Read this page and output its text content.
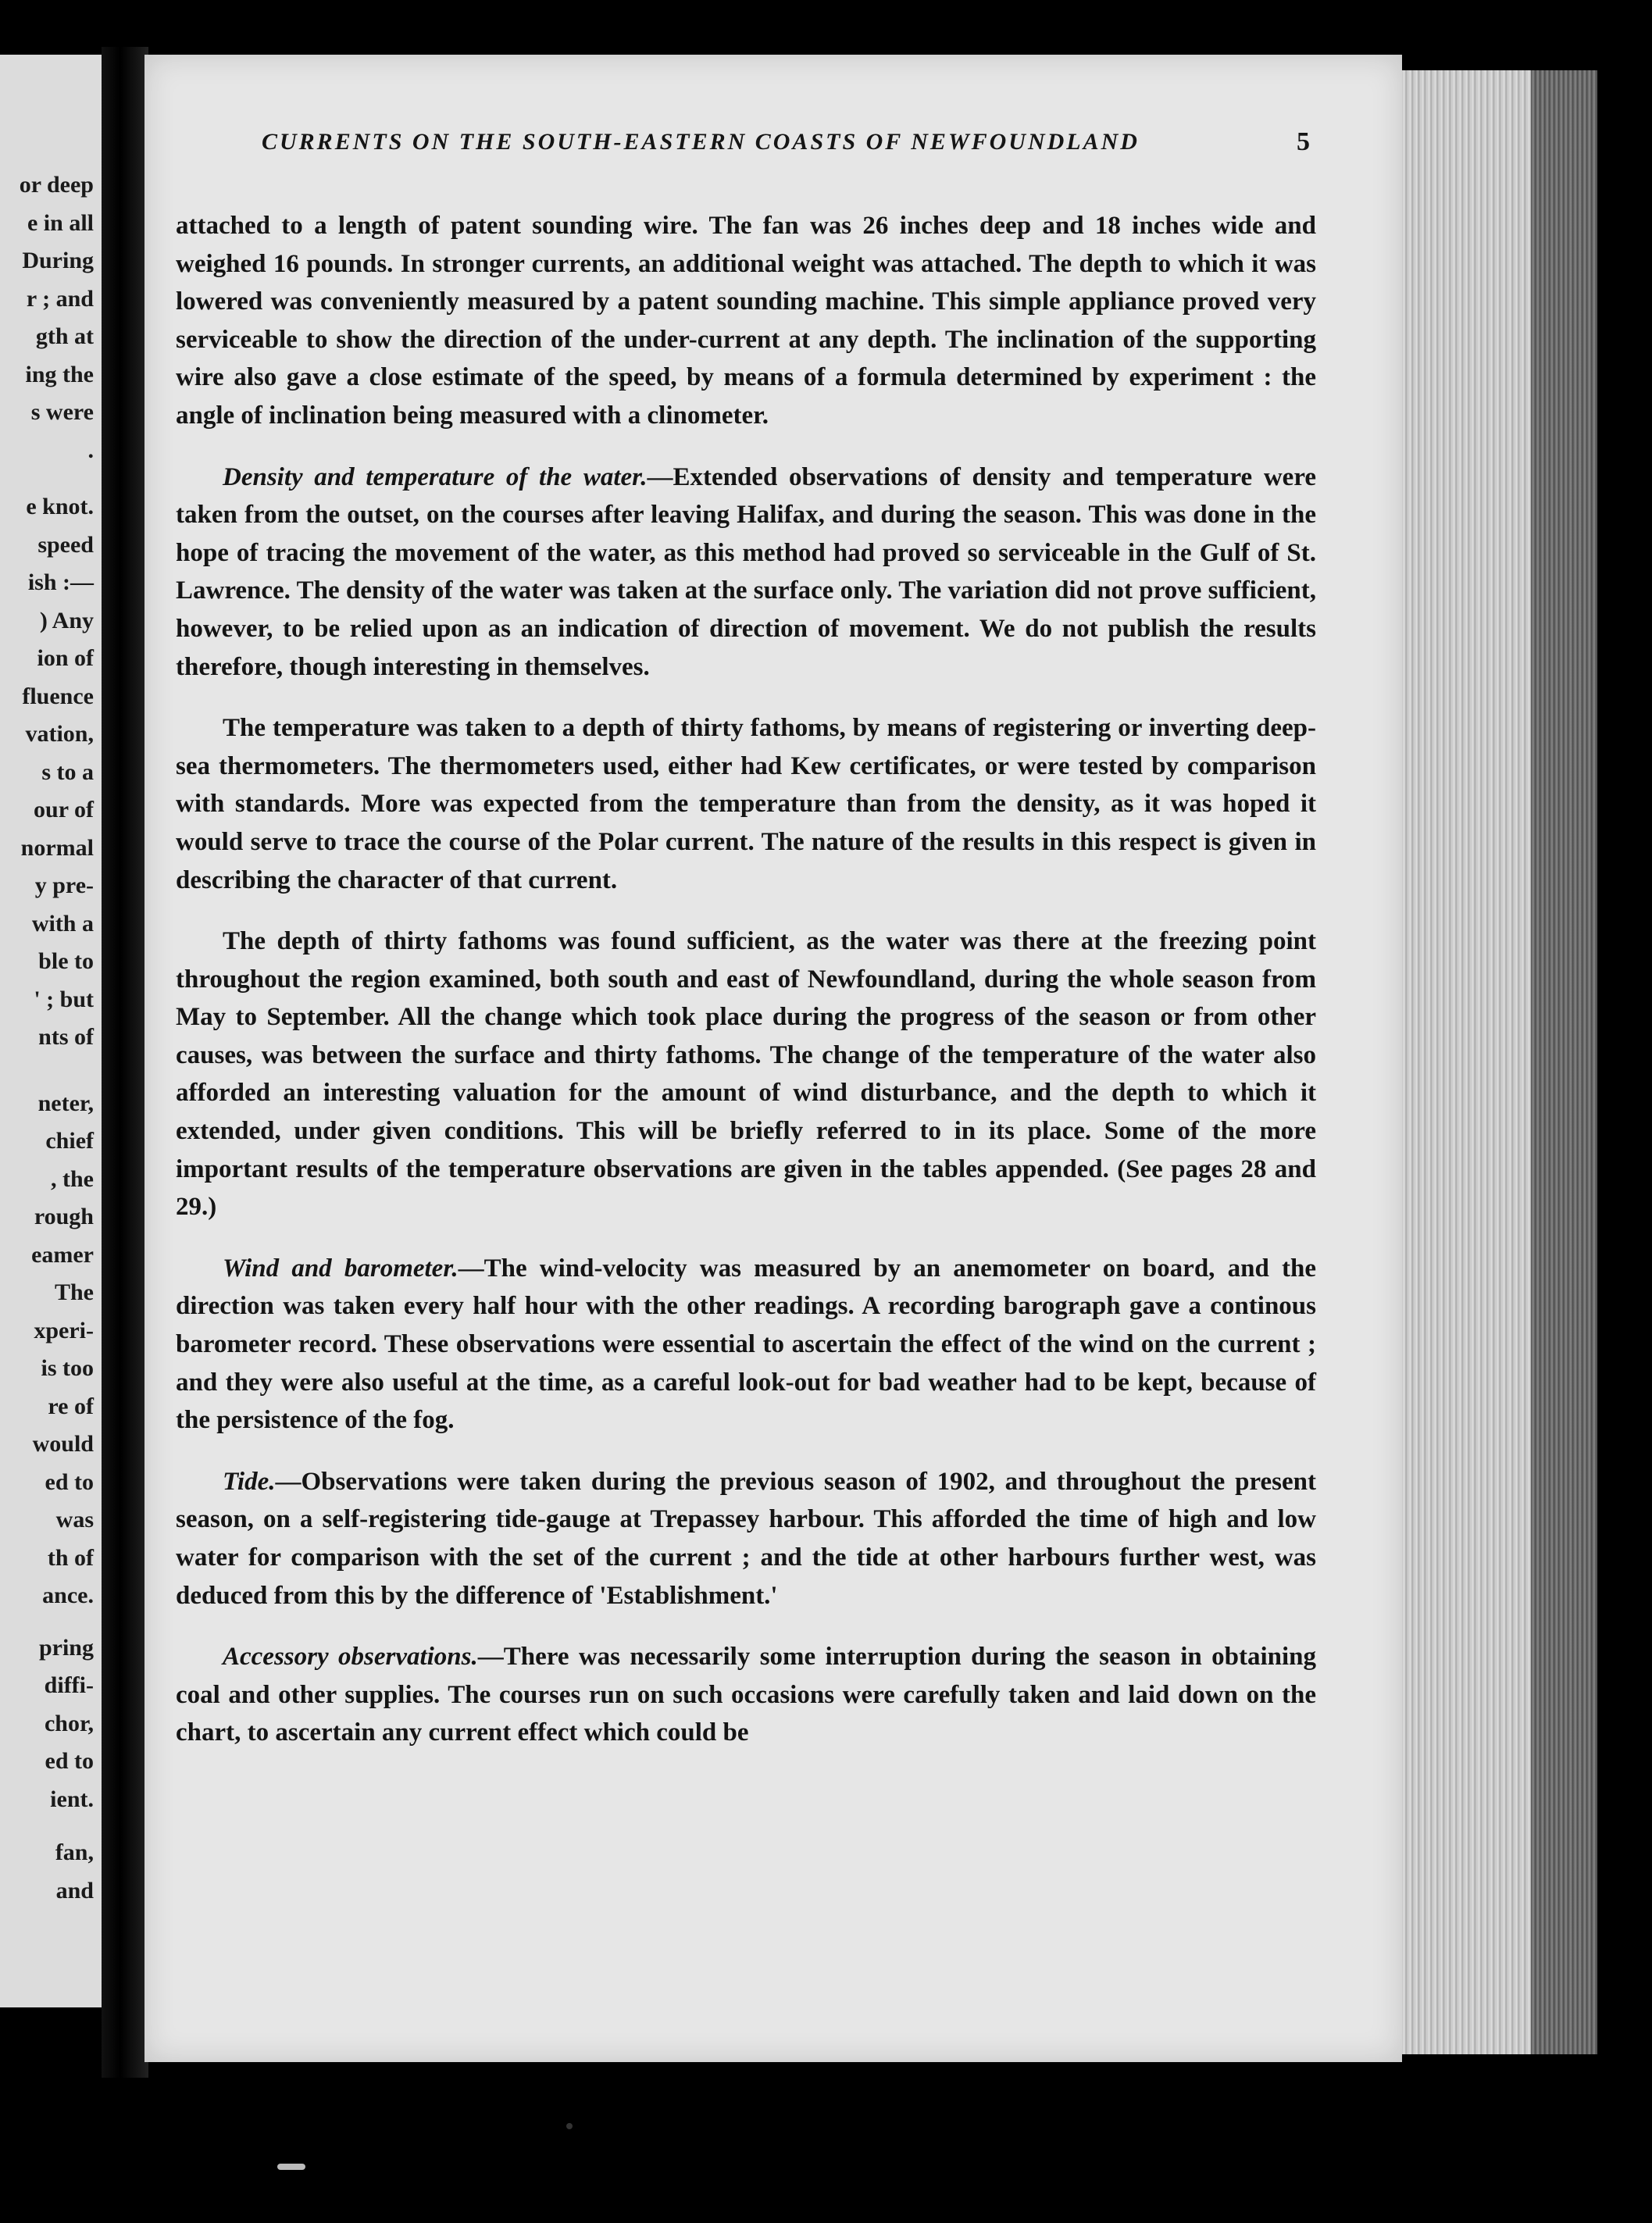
or deep
e in all
During
r ; and
gth at
ing the
s were
.
e knot.
speed
ish :—
) Any
ion of
fluence
vation,
s to a
our of
normal
y pre-
with a
ble to
' ; but
nts of
neter,
chief
, the
rough
eamer
The
xperi-
is too
re of
would
ed to
was
th of
ance.
pring
diffi-
chor,
ed to
ient.
fan,
and
CURRENTS ON THE SOUTH-EASTERN COASTS OF NEWFOUNDLAND	5

attached to a length of patent sounding wire. The fan was 26 inches deep and 18 inches wide and weighed 16 pounds. In stronger currents, an additional weight was attached. The depth to which it was lowered was conveniently measured by a patent sounding machine. This simple appliance proved very serviceable to show the direction of the under-current at any depth. The inclination of the supporting wire also gave a close estimate of the speed, by means of a formula determined by experiment : the angle of inclination being measured with a clinometer.

Density and temperature of the water.—Extended observations of density and temperature were taken from the outset, on the courses after leaving Halifax, and during the season. This was done in the hope of tracing the movement of the water, as this method had proved so serviceable in the Gulf of St. Lawrence. The density of the water was taken at the surface only. The variation did not prove sufficient, however, to be relied upon as an indication of direction of movement. We do not publish the results therefore, though interesting in themselves.

The temperature was taken to a depth of thirty fathoms, by means of registering or inverting deep-sea thermometers. The thermometers used, either had Kew certificates, or were tested by comparison with standards. More was expected from the temperature than from the density, as it was hoped it would serve to trace the course of the Polar current. The nature of the results in this respect is given in describing the character of that current.

The depth of thirty fathoms was found sufficient, as the water was there at the freezing point throughout the region examined, both south and east of Newfoundland, during the whole season from May to September. All the change which took place during the progress of the season or from other causes, was between the surface and thirty fathoms. The change of the temperature of the water also afforded an interesting valuation for the amount of wind disturbance, and the depth to which it extended, under given conditions. This will be briefly referred to in its place. Some of the more important results of the temperature observations are given in the tables appended. (See pages 28 and 29.)

Wind and barometer.—The wind-velocity was measured by an anemometer on board, and the direction was taken every half hour with the other readings. A recording barograph gave a continous barometer record. These observations were essential to ascertain the effect of the wind on the current ; and they were also useful at the time, as a careful look-out for bad weather had to be kept, because of the persistence of the fog.

Tide.—Observations were taken during the previous season of 1902, and throughout the present season, on a self-registering tide-gauge at Trepassey harbour. This afforded the time of high and low water for comparison with the set of the current ; and the tide at other harbours further west, was deduced from this by the difference of 'Establishment.'

Accessory observations.—There was necessarily some interruption during the season in obtaining coal and other supplies. The courses run on such occasions were carefully taken and laid down on the chart, to ascertain any current effect which could be
